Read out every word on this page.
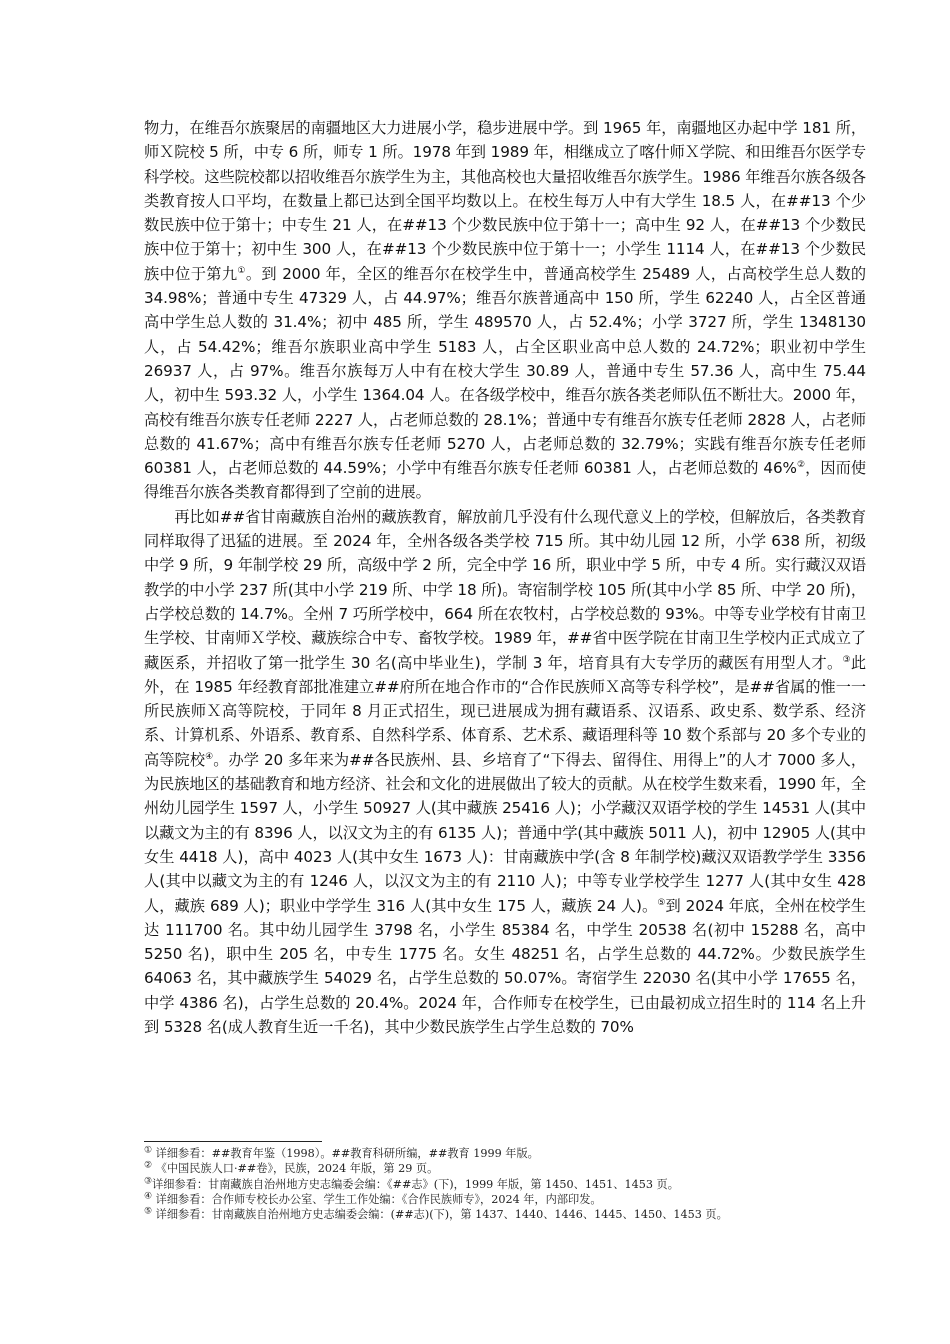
物力，在维吾尔族聚居的南疆地区大力进展小学，稳步进展中学。到 1965 年，南疆地区办起中学 181 所，师Ｘ院校 5 所，中专 6 所，师专 1 所。1978 年到 1989 年，相继成立了喀什师Ｘ学院、和田维吾尔医学专科学校。这些院校都以招收维吾尔族学生为主，其他高校也大量招收维吾尔族学生。1986 年维吾尔族各级各类教育按人口平均，在数量上都已达到全国平均数以上。在校生每万人中有大学生 18.5 人，在##13 个少数民族中位于第十；中专生 21 人，在##13 个少数民族中位于第十一；高中生 92 人，在##13 个少数民族中位于第十；初中生 300 人，在##13 个少数民族中位于第十一；小学生 1114 人，在##13 个少数民族中位于第九①。到 2000 年，全区的维吾尔在校学生中，普通高校学生 25489 人，占高校学生总人数的 34.98%；普通中专生 47329 人，占 44.97%；维吾尔族普通高中 150 所，学生 62240 人，占全区普通高中学生总人数的 31.4%；初中 485 所，学生 489570 人，占 52.4%；小学 3727 所，学生 1348130 人，占 54.42%；维吾尔族职业高中学生 5183 人，占全区职业高中总人数的 24.72%；职业初中学生 26937 人，占 97%。维吾尔族每万人中有在校大学生 30.89 人，普通中专生 57.36 人，高中生 75.44 人，初中生 593.32 人，小学生 1364.04 人。在各级学校中，维吾尔族各类老师队伍不断壮大。2000 年，高校有维吾尔族专任老师 2227 人，占老师总数的 28.1%；普通中专有维吾尔族专任老师 2828 人，占老师总数的 41.67%；高中有维吾尔族专任老师 5270 人，占老师总数的 32.79%；实践有维吾尔族专任老师 60381 人，占老师总数的 44.59%；小学中有维吾尔族专任老师 60381 人，占老师总数的 46%②，因而使得维吾尔族各类教育都得到了空前的进展。

再比如##省甘南藏族自治州的藏族教育，解放前几乎没有什么现代意义上的学校，但解放后，各类教育同样取得了迅猛的进展。至 2024 年，全州各级各类学校 715 所。其中幼儿园 12 所，小学 638 所，初级中学 9 所，9 年制学校 29 所，高级中学 2 所，完全中学 16 所，职业中学 5 所，中专 4 所。实行藏汉双语教学的中小学 237 所(其中小学 219 所、中学 18 所)。寄宿制学校 105 所(其中小学 85 所、中学 20 所)，占学校总数的 14.7%。全州 7 巧所学校中，664 所在农牧村，占学校总数的 93%。中等专业学校有甘南卫生学校、甘南师Ｘ学校、藏族综合中专、畜牧学校。1989 年，##省中医学院在甘南卫生学校内正式成立了藏医系，并招收了第一批学生 30 名(高中毕业生)，学制 3 年，培育具有大专学历的藏医有用型人才。③此外，在 1985 年经教育部批准建立##府所在地合作市的“合作民族师Ｘ高等专科学校”，是##省属的惟一一所民族师Ｘ高等院校，于同年 8 月正式招生，现已进展成为拥有藏语系、汉语系、政史系、数学系、经济系、计算机系、外语系、教育系、自然科学系、体育系、艺术系、藏语理科等 10 数个系部与 20 多个专业的高等院校④。办学 20 多年来为##各民族州、县、乡培育了“下得去、留得住、用得上”的人才 7000 多人，为民族地区的基础教育和地方经济、社会和文化的进展做出了较大的贡献。从在校学生数来看，1990 年，全州幼儿园学生 1597 人，小学生 50927 人(其中藏族 25416 人)；小学藏汉双语学校的学生 14531 人(其中以藏文为主的有 8396 人，以汉文为主的有 6135 人)；普通中学(其中藏族 5011 人)，初中 12905 人(其中女生 4418 人)，高中 4023 人(其中女生 1673 人)：甘南藏族中学(含 8 年制学校)藏汉双语教学学生 3356 人(其中以藏文为主的有 1246 人，以汉文为主的有 2110 人)；中等专业学校学生 1277 人(其中女生 428 人，藏族 689 人)；职业中学学生 316 人(其中女生 175 人，藏族 24 人)。⑤到 2024 年底，全州在校学生达 111700 名。其中幼儿园学生 3798 名，小学生 85384 名，中学生 20538 名(初中 15288 名，高中 5250 名)，职中生 205 名，中专生 1775 名。女生 48251 名，占学生总数的 44.72%。少数民族学生 64063 名，其中藏族学生 54029 名，占学生总数的 50.07%。寄宿学生 22030 名(其中小学 17655 名，中学 4386 名)，占学生总数的 20.4%。2024 年，合作师专在校学生，已由最初成立招生时的 114 名上升到 5328 名(成人教育生近一千名)，其中少数民族学生占学生总数的 70%

① 详细参看：##教育年鉴（1998）。##教育科研所编，##教育 1999 年版。
② 《中国民族人口·##卷》，民族，2024 年版，第 29 页。
③详细参看：甘南藏族自治州地方史志编委会编：《##志》(下)，1999 年版，第 1450、1451、1453 页。
④ 详细参看：合作师专校长办公室、学生工作处编：《合作民族师专》，2024 年，内部印发。
⑤ 详细参看：甘南藏族自治州地方史志编委会编：(##志)(下)，第 1437、1440、1446、1445、1450、1453 页。
